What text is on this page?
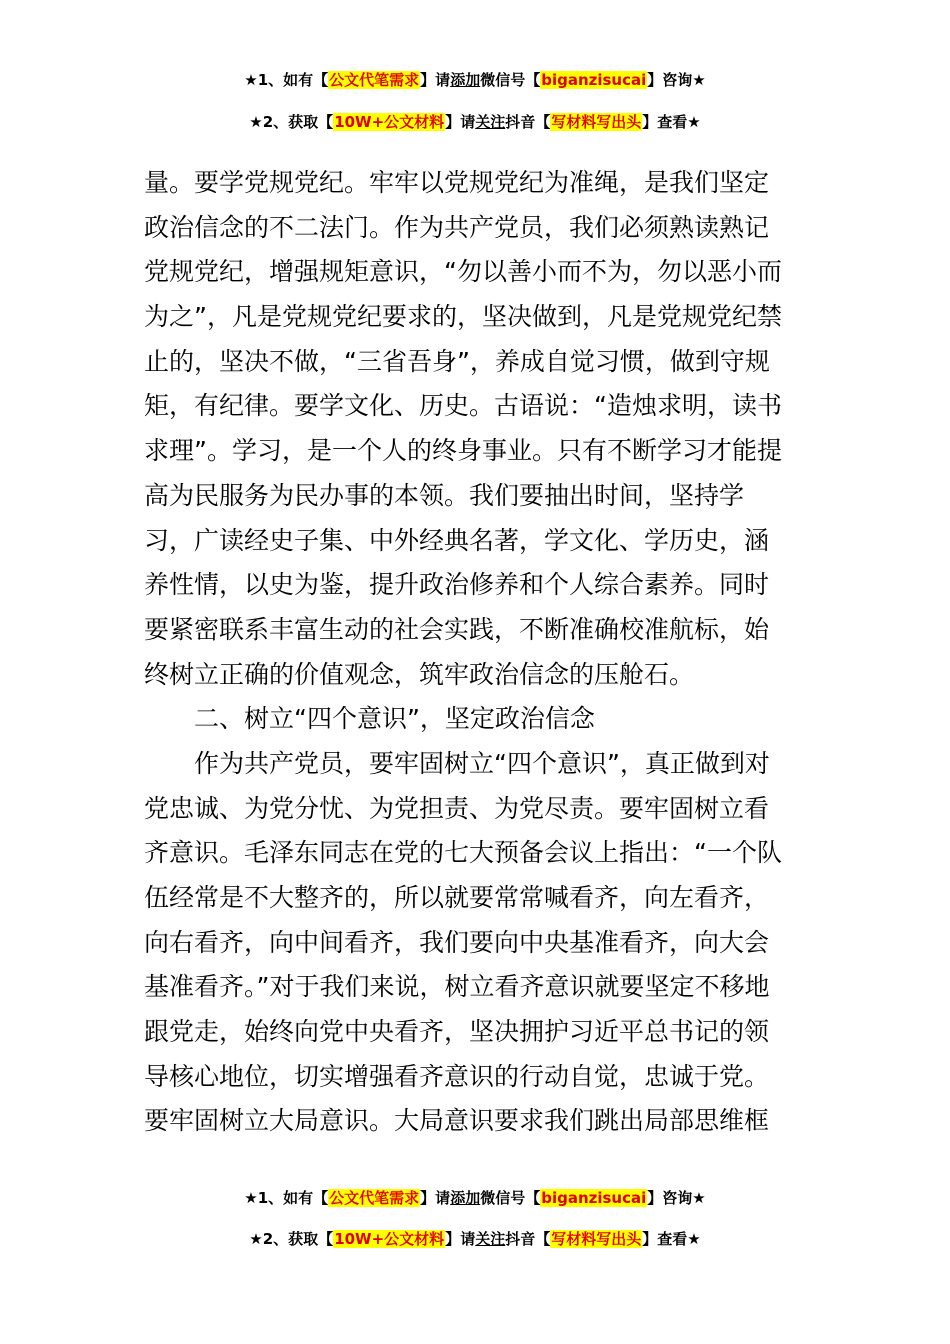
★1、如有【公文代笔需求】请添加微信号【biganzisucai】咨询★
★2、获取【10W+公文材料】请关注抖音【写材料写出头】查看★
量。要学党规党纪。牢牢以党规党纪为准绳，是我们坚定
政治信念的不二法门。作为共产党员，我们必须熟读熟记
党规党纪，增强规矩意识，“勿以善小而不为，勿以恶小而
为之”，凡是党规党纪要求的，坚决做到，凡是党规党纪禁
止的，坚决不做，“三省吾身”，养成自觉习惯，做到守规
矩，有纪律。要学文化、历史。古语说：“造烛求明，读书
求理”。学习，是一个人的终身事业。只有不断学习才能提
高为民服务为民办事的本领。我们要抽出时间，坚持学
习，广读经史子集、中外经典名著，学文化、学历史，涵
养性情，以史为鉴，提升政治修养和个人综合素养。同时
要紧密联系丰富生动的社会实践，不断准确校准航标，始
终树立正确的价值观念，筑牢政治信念的压舱石。
二、树立“四个意识”，坚定政治信念
作为共产党员，要牢固树立“四个意识”，真正做到对
党忠诚、为党分忧、为党担责、为党尽责。要牢固树立看
齐意识。毛泽东同志在党的七大预备会议上指出：“一个队
伍经常是不大整齐的，所以就要常常喊看齐，向左看齐，
向右看齐，向中间看齐，我们要向中央基准看齐，向大会
基准看齐。”对于我们来说，树立看齐意识就要坚定不移地
跟党走，始终向党中央看齐，坚决拥护习近平总书记的领
导核心地位，切实增强看齐意识的行动自觉，忠诚于党。
要牢固树立大局意识。大局意识要求我们跳出局部思维框
★1、如有【公文代笔需求】请添加微信号【biganzisucai】咨询★
★2、获取【10W+公文材料】请关注抖音【写材料写出头】查看★
